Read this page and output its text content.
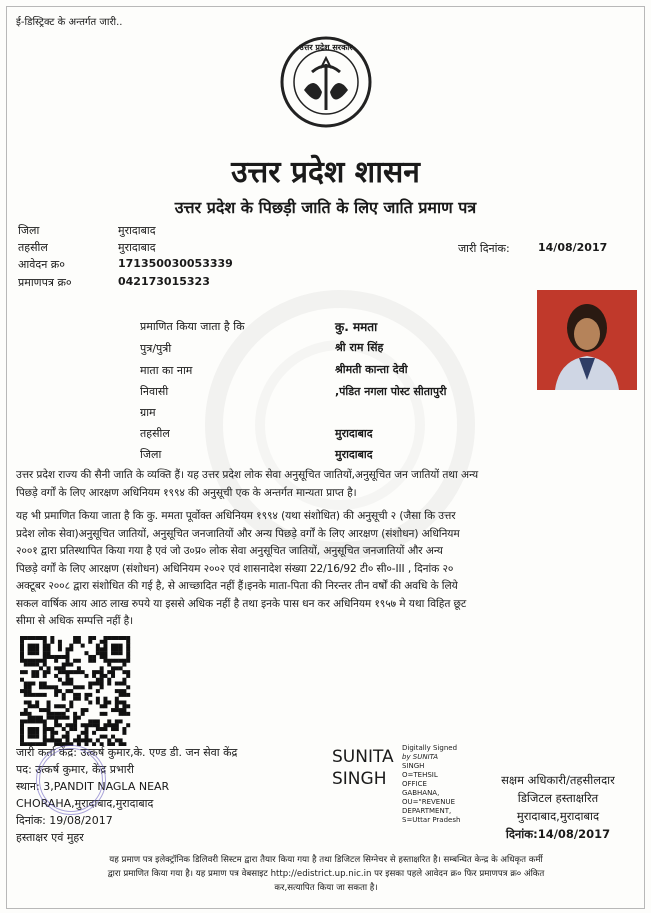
ई-डिस्ट्रिक्ट के अन्तर्गत जारी..
उत्तर प्रदेश सरकार
उत्तर प्रदेश शासन
उत्तर प्रदेश के पिछड़ी जाति के लिए जाति प्रमाण पत्र
जिला	मुरादाबाद
तहसील	मुरादाबाद
आवेदन क्र०	171350030053339
प्रमाणपत्र क्र०	042173015323
जारी दिनांक:	14/08/2017
प्रमाणित किया जाता है कि	कु. ममता
पुत्र/पुत्री	श्री राम सिंह
माता का नाम	श्रीमती कान्ता देवी
निवासी	,पंडित नगला पोस्ट सीतापुरी
ग्राम
तहसील	मुरादाबाद
जिला	मुरादाबाद
उत्तर प्रदेश राज्य की सैनी जाति के व्यक्ति हैं। यह उत्तर प्रदेश लोक सेवा अनुसूचित जातियों,अनुसूचित जन जातियों तथा अन्य
पिछड़े वर्गों के लिए आरक्षण अधिनियम १९९४ की अनुसूची एक के अन्तर्गत मान्यता प्राप्त है।
यह भी प्रमाणित किया जाता है कि कु. ममता पूर्वोक्त अधिनियम १९९४ (यथा संशोधित) की अनुसूची २ (जैसा कि उत्तर
प्रदेश लोक सेवा)अनुसूचित जातियों, अनुसूचित जनजातियों और अन्य पिछड़े वर्गों के लिए आरक्षण (संशोधन) अधिनियम
२००१ द्वारा प्रतिस्थापित किया गया है एवं जो उ०प्र० लोक सेवा अनुसूचित जातियों, अनुसूचित जनजातियों और अन्य
पिछड़े वर्गों के लिए आरक्षण (संशोधन) अधिनियम २००२ एवं शासनादेश संख्या 22/16/92 टी० सी०-III , दिनांक २०
अक्टूबर २००८ द्वारा संशोधित की गई है, से आच्छादित नहीं हैं।इनके माता-पिता की निरन्तर तीन वर्षों की अवधि के लिये
सकल वार्षिक आय आठ लाख रुपये या इससे अधिक नहीं है तथा इनके पास धन कर अधिनियम १९५७ मे यथा विहित छूट
सीमा से अधिक सम्पत्ति नहीं है।
जारी कर्ता केंद्र: उत्कर्ष कुमार,के. एण्ड डी. जन सेवा केंद्र
पद: उत्कर्ष कुमार, केंद्र प्रभारी
स्थान: 3,PANDIT NAGLA NEAR
CHORAHA,मुरादाबाद,मुरादाबाद
दिनांक: 19/08/2017
हस्ताक्षर एवं मुहर
SUNITA
SINGH
Digitally Signed
by SUNITA
SINGH
O=TEHSIL
OFFICE
GABHANA,
OU="REVENUE
DEPARTMENT,
S=Uttar Pradesh
सक्षम अधिकारी/तहसीलदार
डिजिटल हस्ताक्षरित
मुरादाबाद,मुरादाबाद
दिनांक:14/08/2017
यह प्रमाण पत्र इलेक्ट्रॉनिक डिलिवरी सिस्टम द्वारा तैयार किया गया है तथा डिजिटल सिग्नेचर से हस्ताक्षरित है। सम्बन्धित केन्द्र के अधिकृत कर्मी
द्वारा प्रमाणित किया गया है। यह प्रमाण पत्र वेबसाइट http://edistrict.up.nic.in पर इसका पहले आवेदन क्र० फिर प्रमाणपत्र क्र० अंकित
कर,सत्यापित किया जा सकता है।
